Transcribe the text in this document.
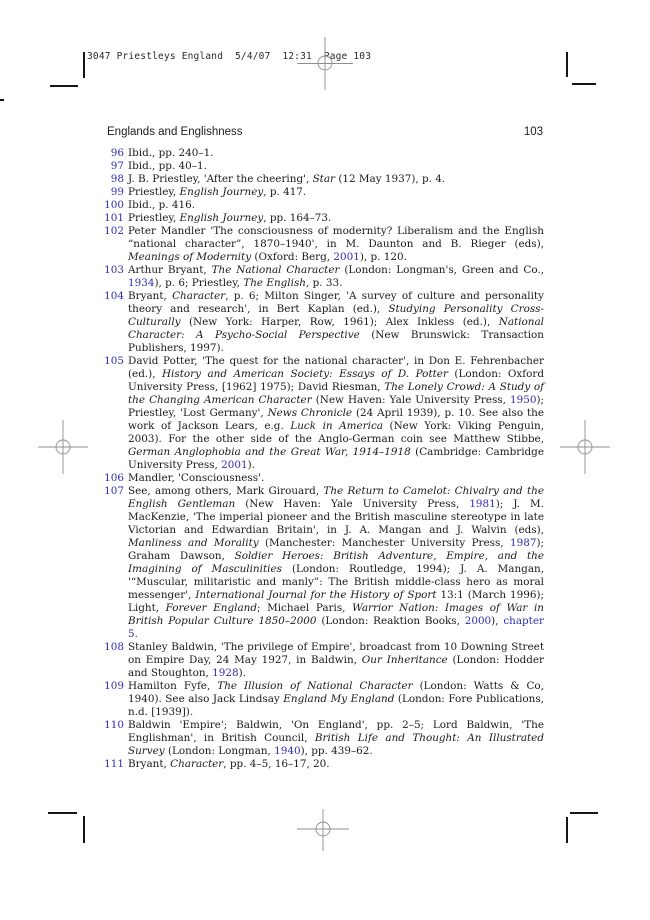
3047 Priestleys England  5/4/07  12:31  Page 103
Englands and Englishness	103
96 Ibid., pp. 240–1.
97 Ibid., pp. 40–1.
98 J. B. Priestley, 'After the cheering', Star (12 May 1937), p. 4.
99 Priestley, English Journey, p. 417.
100 Ibid., p. 416.
101 Priestley, English Journey, pp. 164–73.
102 Peter Mandler 'The consciousness of modernity? Liberalism and the English “national character”, 1870–1940', in M. Daunton and B. Rieger (eds), Meanings of Modernity (Oxford: Berg, 2001), p. 120.
103 Arthur Bryant, The National Character (London: Longman's, Green and Co., 1934), p. 6; Priestley, The English, p. 33.
104 Bryant, Character, p. 6; Milton Singer, 'A survey of culture and personality theory and research', in Bert Kaplan (ed.), Studying Personality Cross-Culturally (New York: Harper, Row, 1961); Alex Inkless (ed.), National Character: A Psycho-Social Perspective (New Brunswick: Transaction Publishers, 1997).
105 David Potter, 'The quest for the national character', in Don E. Fehrenbacher (ed.), History and American Society: Essays of D. Potter (London: Oxford University Press, [1962] 1975); David Riesman, The Lonely Crowd: A Study of the Changing American Character (New Haven: Yale University Press, 1950); Priestley, 'Lost Germany', News Chronicle (24 April 1939), p. 10. See also the work of Jackson Lears, e.g. Luck in America (New York: Viking Penguin, 2003). For the other side of the Anglo-German coin see Matthew Stibbe, German Anglophobia and the Great War, 1914–1918 (Cambridge: Cambridge University Press, 2001).
106 Mandler, 'Consciousness'.
107 See, among others, Mark Girouard, The Return to Camelot: Chivalry and the English Gentleman (New Haven: Yale University Press, 1981); J. M. MacKenzie, 'The imperial pioneer and the British masculine stereotype in late Victorian and Edwardian Britain', in J. A. Mangan and J. Walvin (eds), Manliness and Morality (Manchester: Manchester University Press, 1987); Graham Dawson, Soldier Heroes: British Adventure, Empire, and the Imagining of Masculinities (London: Routledge, 1994); J. A. Mangan, '“Muscular, militaristic and manly”: The British middle-class hero as moral messenger', International Journal for the History of Sport 13:1 (March 1996); Light, Forever England; Michael Paris, Warrior Nation: Images of War in British Popular Culture 1850–2000 (London: Reaktion Books, 2000), chapter 5.
108 Stanley Baldwin, 'The privilege of Empire', broadcast from 10 Downing Street on Empire Day, 24 May 1927, in Baldwin, Our Inheritance (London: Hodder and Stoughton, 1928).
109 Hamilton Fyfe, The Illusion of National Character (London: Watts & Co, 1940). See also Jack Lindsay England My England (London: Fore Publications, n.d. [1939]).
110 Baldwin 'Empire'; Baldwin, 'On England', pp. 2–5; Lord Baldwin, 'The Englishman', in British Council, British Life and Thought: An Illustrated Survey (London: Longman, 1940), pp. 439–62.
111 Bryant, Character, pp. 4–5, 16–17, 20.
